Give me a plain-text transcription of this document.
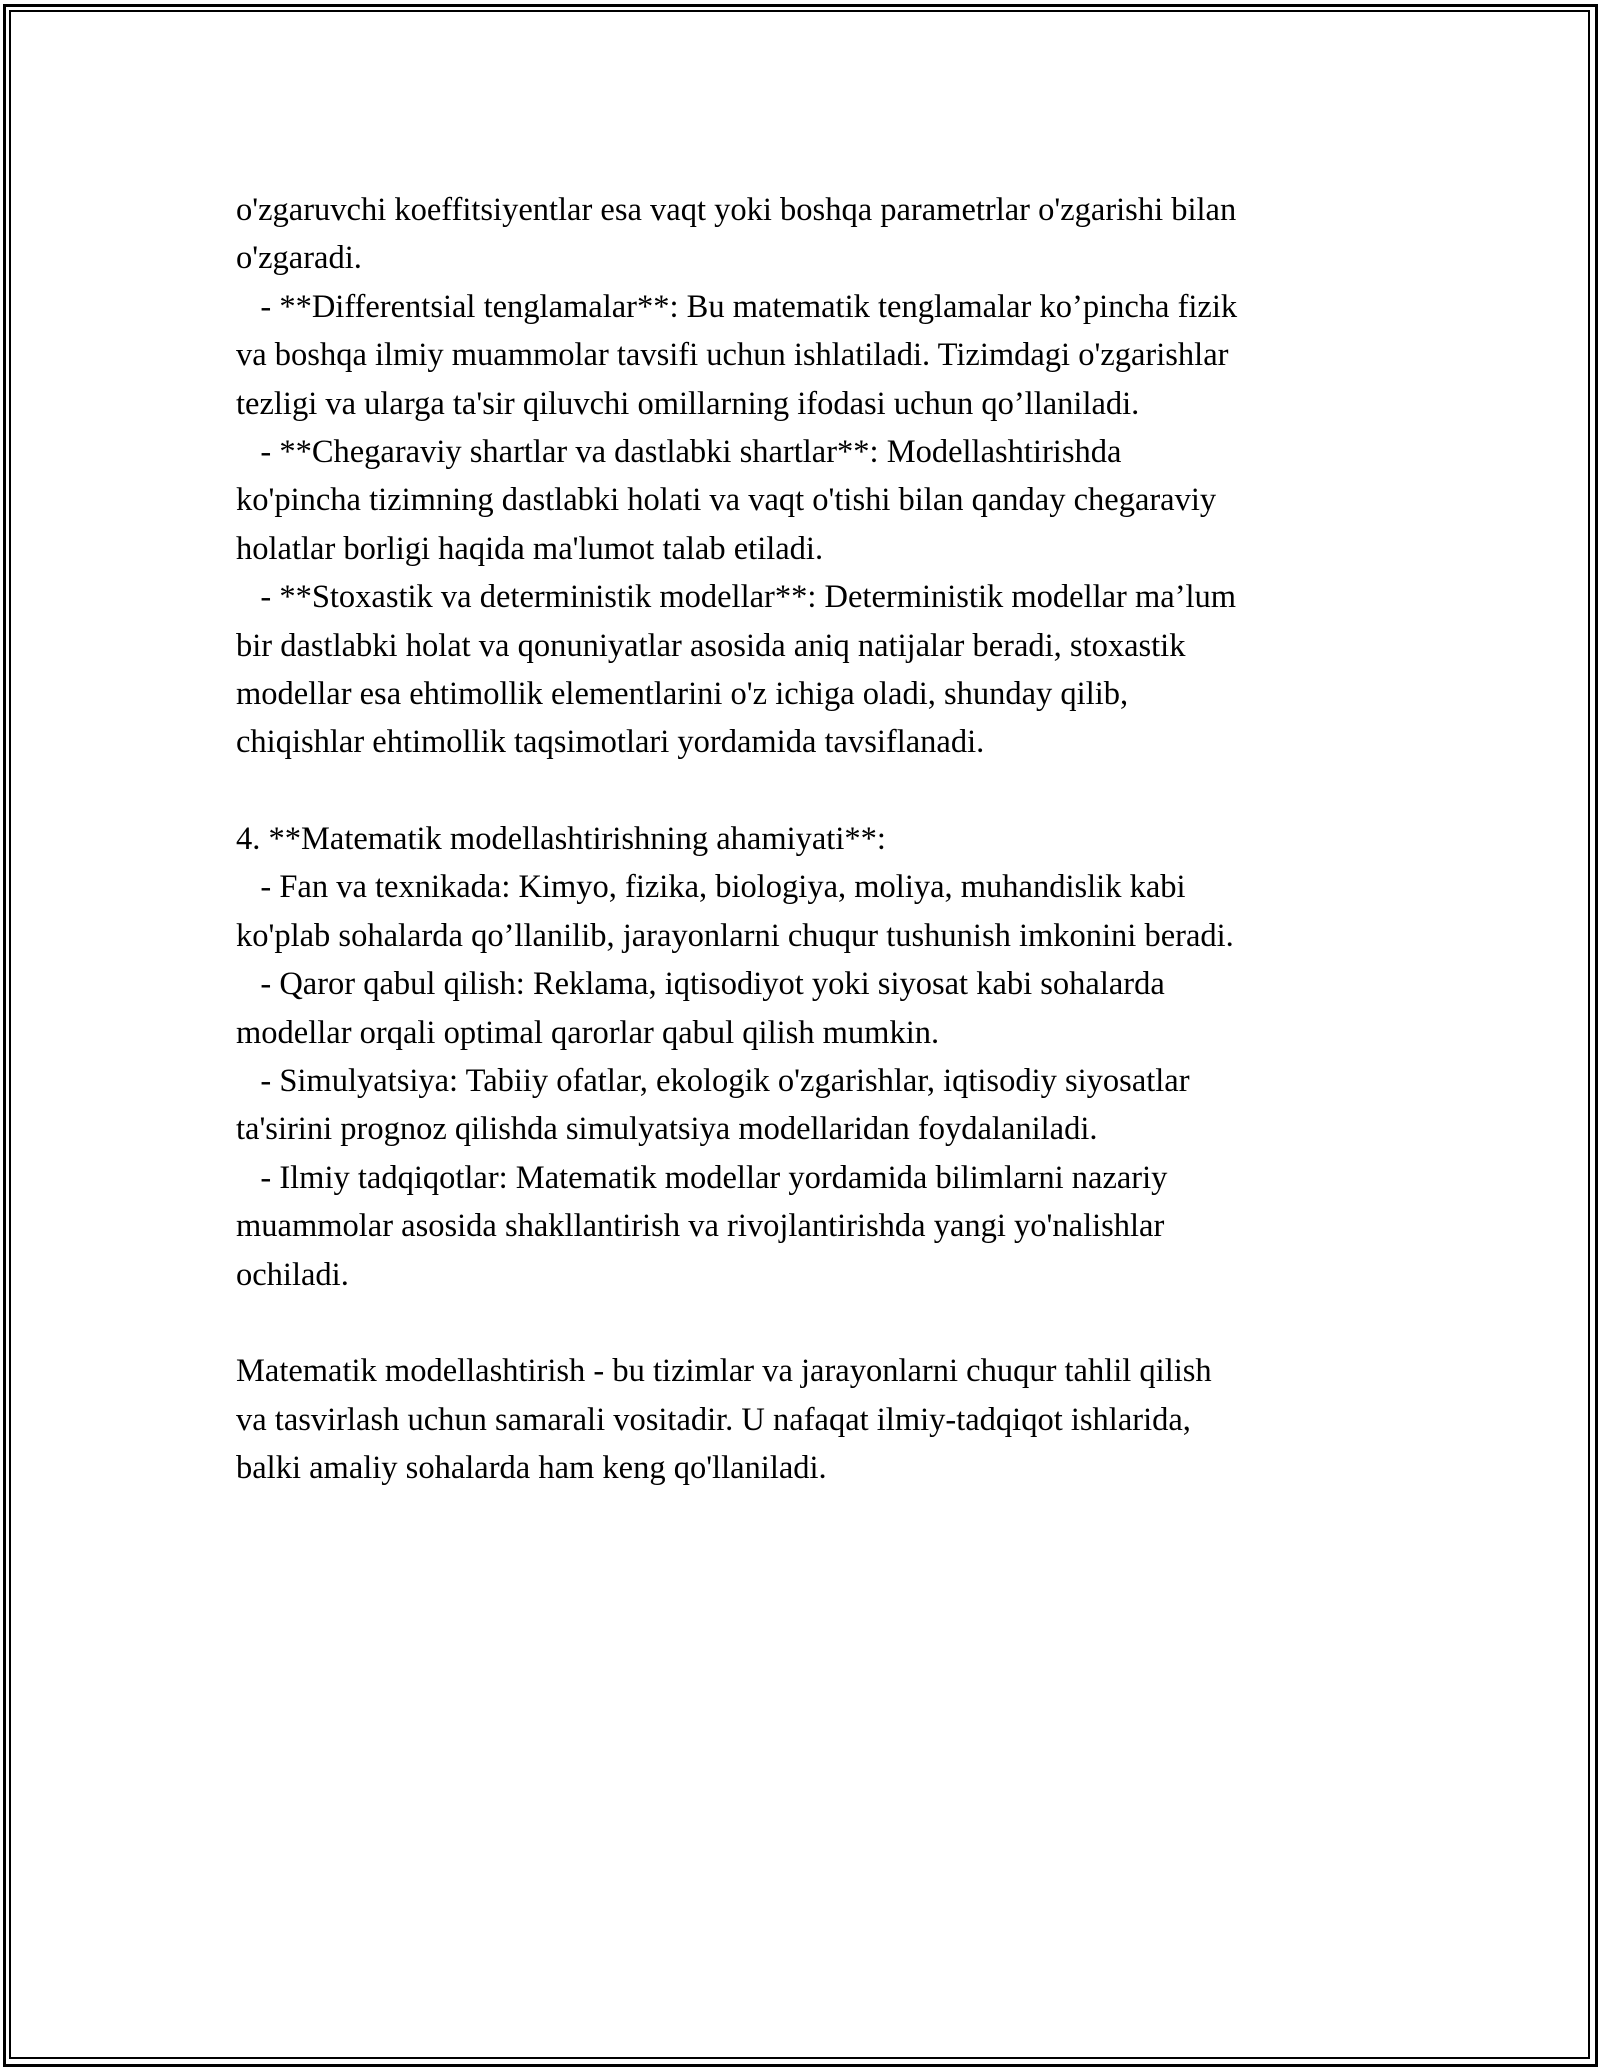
o'zgaruvchi koeffitsiyentlar esa vaqt yoki boshqa parametrlar o'zgarishi bilan
o'zgaradi.
- **Differentsial tenglamalar**: Bu matematik tenglamalar ko’pincha fizik
va boshqa ilmiy muammolar tavsifi uchun ishlatiladi. Tizimdagi o'zgarishlar
tezligi va ularga ta'sir qiluvchi omillarning ifodasi uchun qo’llaniladi.
- **Chegaraviy shartlar va dastlabki shartlar**: Modellashtirishda
ko'pincha tizimning dastlabki holati va vaqt o'tishi bilan qanday chegaraviy
holatlar borligi haqida ma'lumot talab etiladi.
- **Stoxastik va deterministik modellar**: Deterministik modellar ma’lum
bir dastlabki holat va qonuniyatlar asosida aniq natijalar beradi, stoxastik
modellar esa ehtimollik elementlarini o'z ichiga oladi, shunday qilib,
chiqishlar ehtimollik taqsimotlari yordamida tavsiflanadi.
4. **Matematik modellashtirishning ahamiyati**:
- Fan va texnikada: Kimyo, fizika, biologiya, moliya, muhandislik kabi
ko'plab sohalarda qo’llanilib, jarayonlarni chuqur tushunish imkonini beradi.
- Qaror qabul qilish: Reklama, iqtisodiyot yoki siyosat kabi sohalarda
modellar orqali optimal qarorlar qabul qilish mumkin.
- Simulyatsiya: Tabiiy ofatlar, ekologik o'zgarishlar, iqtisodiy siyosatlar
ta'sirini prognoz qilishda simulyatsiya modellaridan foydalaniladi.
- Ilmiy tadqiqotlar: Matematik modellar yordamida bilimlarni nazariy
muammolar asosida shakllantirish va rivojlantirishda yangi yo'nalishlar
ochiladi.
Matematik modellashtirish - bu tizimlar va jarayonlarni chuqur tahlil qilish
va tasvirlash uchun samarali vositadir. U nafaqat ilmiy-tadqiqot ishlarida,
balki amaliy sohalarda ham keng qo'llaniladi.
